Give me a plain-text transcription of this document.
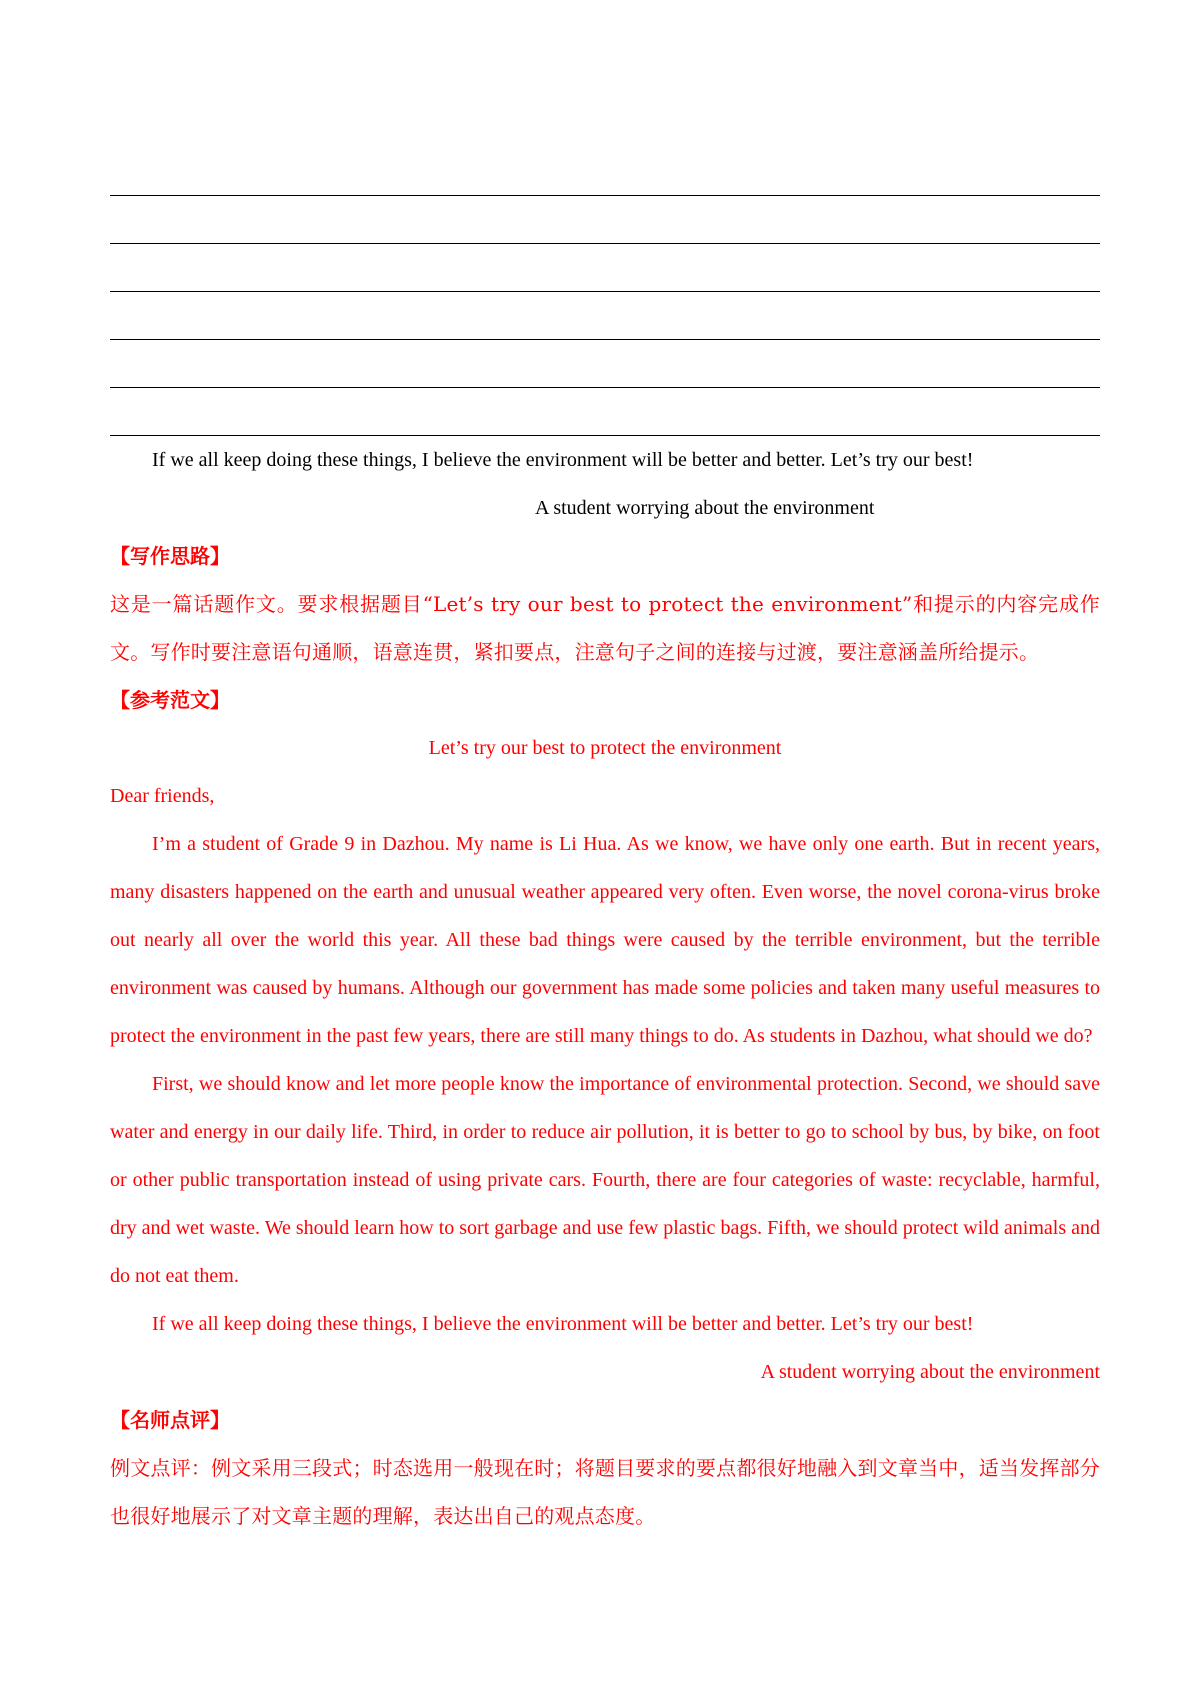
If we all keep doing these things, I believe the environment will be better and better. Let’s try our best!

A student worrying about the environment

【写作思路】

这是一篇话题作文。要求根据题目“Let’s try our best to protect the environment”和提示的内容完成作文。写作时要注意语句通顺，语意连贯，紧扣要点，注意句子之间的连接与过渡，要注意涵盖所给提示。

【参考范文】

Let’s try our best to protect the environment

Dear friends,

I’m a student of Grade 9 in Dazhou. My name is Li Hua. As we know, we have only one earth. But in recent years, many disasters happened on the earth and unusual weather appeared very often. Even worse, the novel corona-virus broke out nearly all over the world this year. All these bad things were caused by the terrible environment, but the terrible environment was caused by humans. Although our government has made some policies and taken many useful measures to protect the environment in the past few years, there are still many things to do. As students in Dazhou, what should we do?

First, we should know and let more people know the importance of environmental protection. Second, we should save water and energy in our daily life. Third, in order to reduce air pollution, it is better to go to school by bus, by bike, on foot or other public transportation instead of using private cars. Fourth, there are four categories of waste: recyclable, harmful, dry and wet waste. We should learn how to sort garbage and use few plastic bags. Fifth, we should protect wild animals and do not eat them.

If we all keep doing these things, I believe the environment will be better and better. Let’s try our best!

A student worrying about the environment

【名师点评】

例文点评：例文采用三段式；时态选用一般现在时；将题目要求的要点都很好地融入到文章当中，适当发挥部分也很好地展示了对文章主题的理解，表达出自己的观点态度。
